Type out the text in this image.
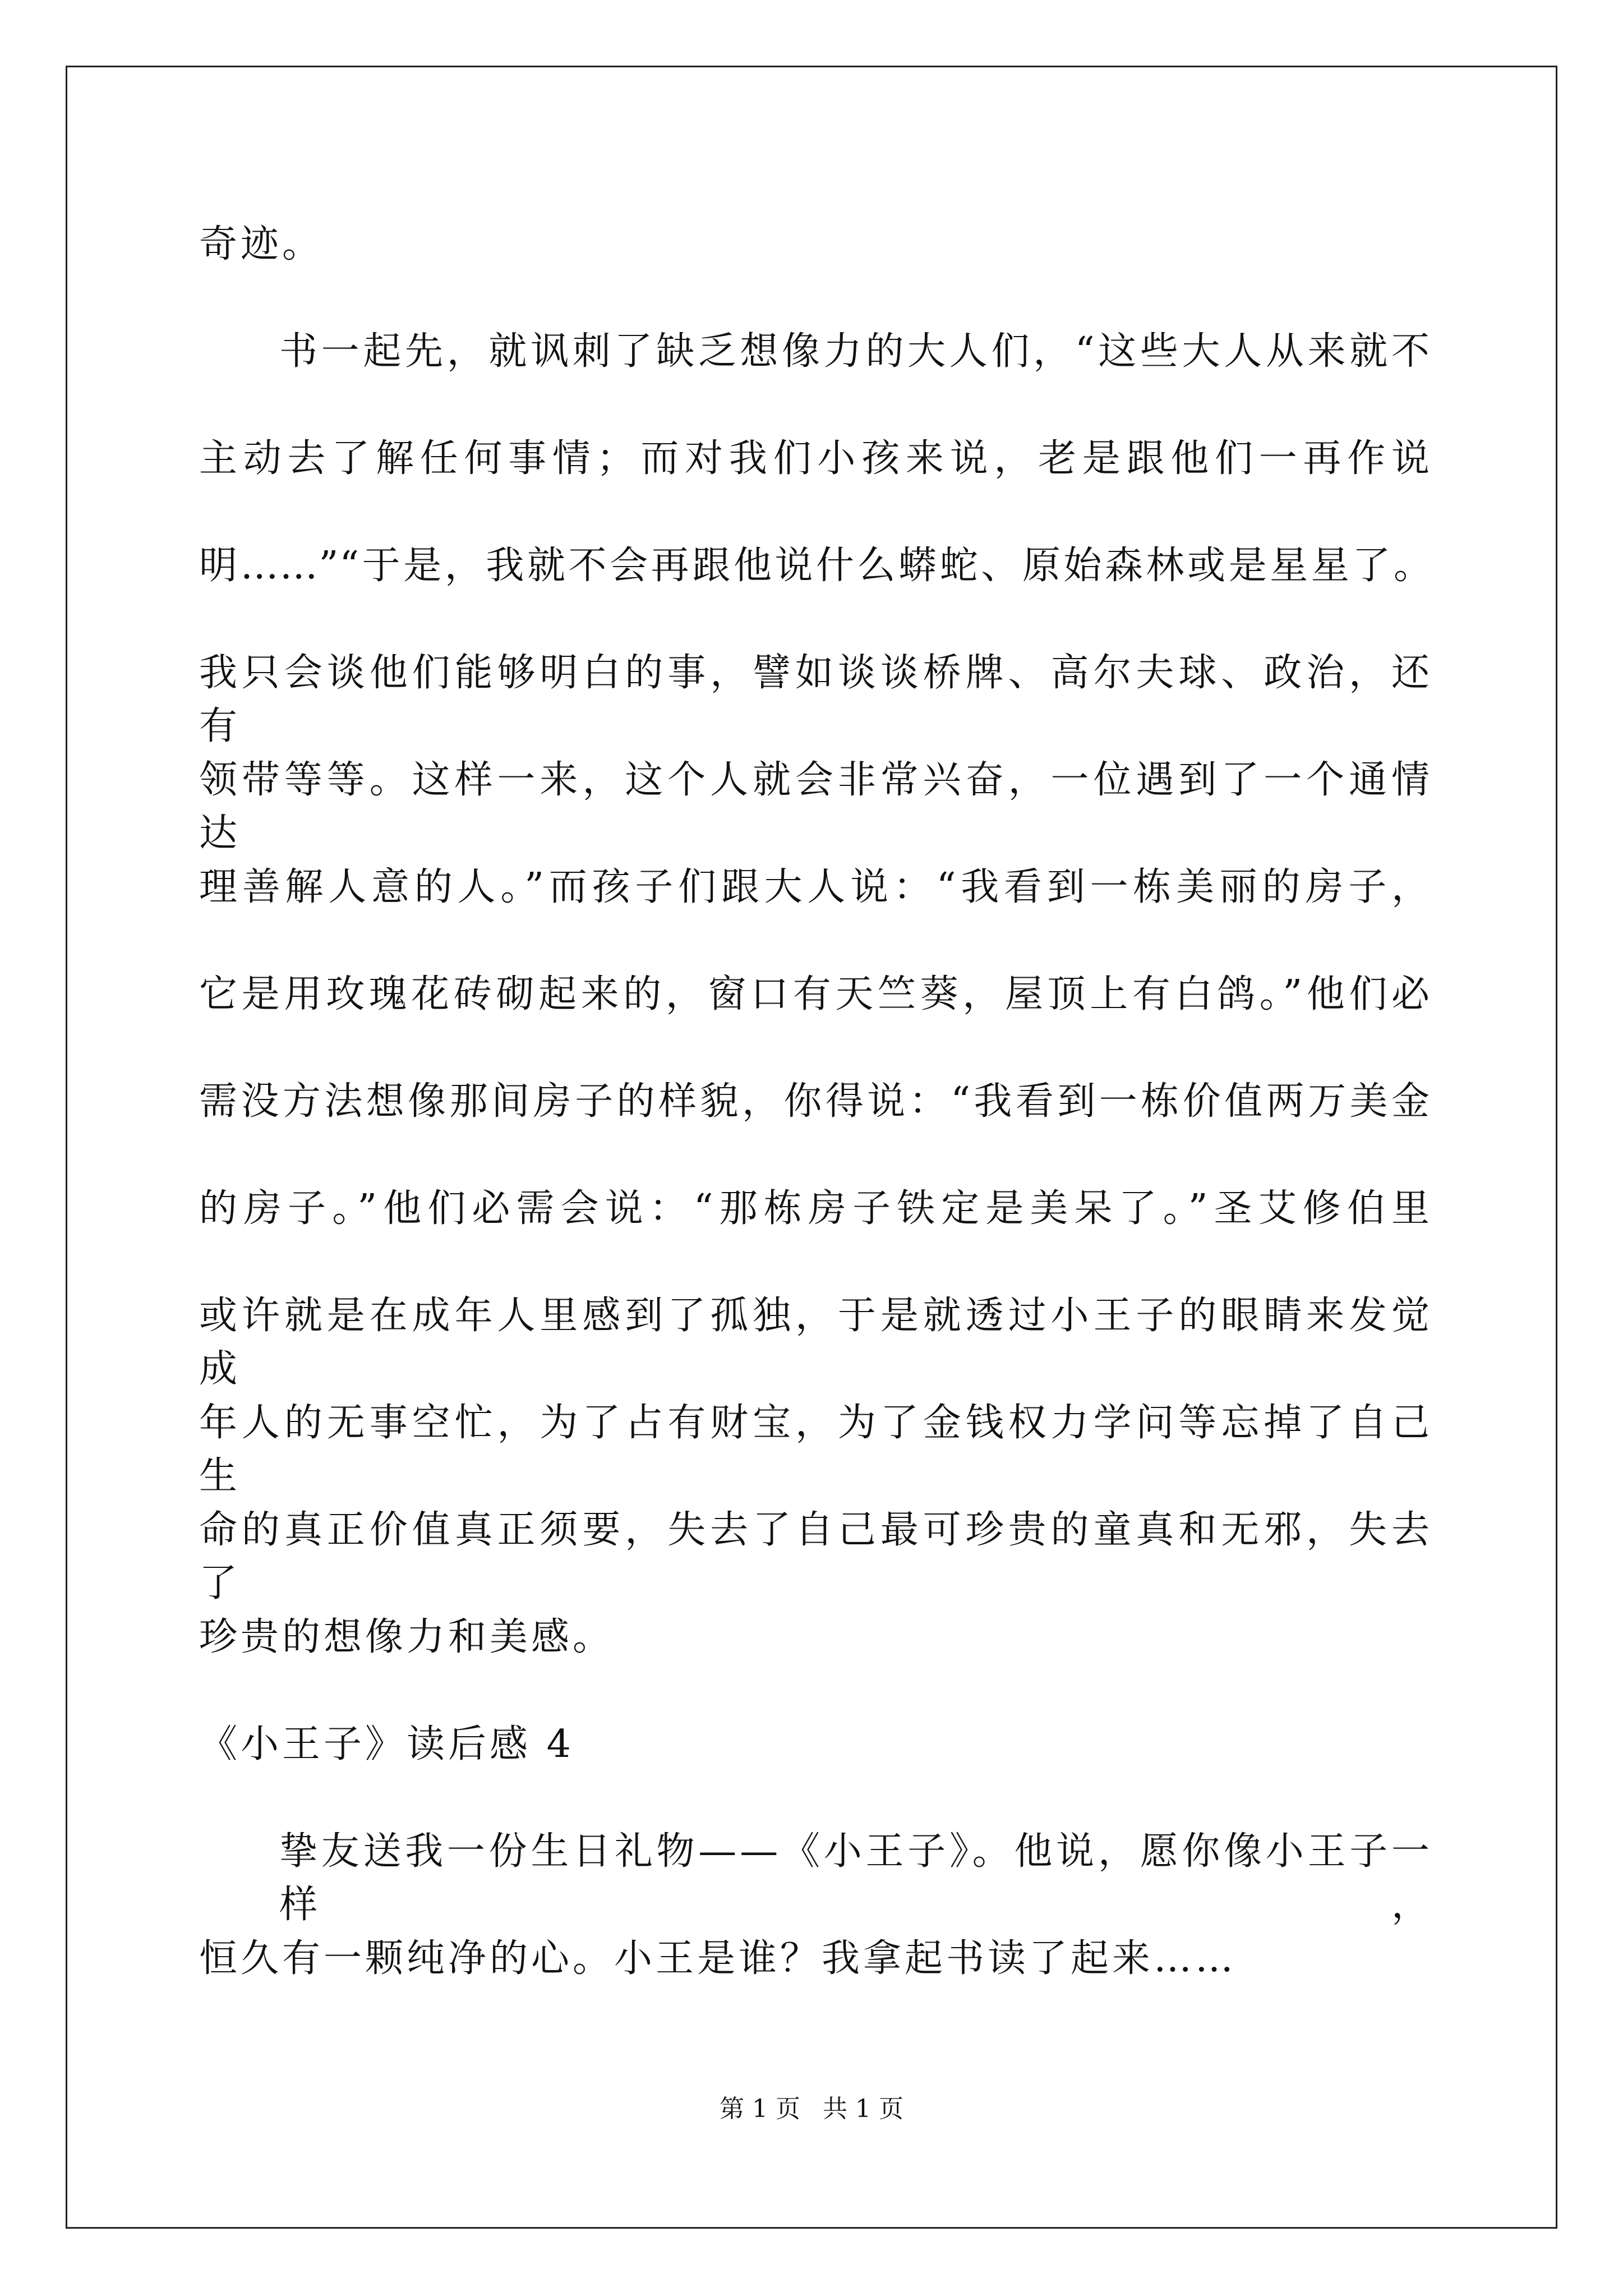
奇迹。
书一起先，就讽刺了缺乏想像力的大人们，“这些大人从来就不
主动去了解任何事情；而对我们小孩来说，老是跟他们一再作说
明……”“于是，我就不会再跟他说什么蟒蛇、原始森林或是星星了。
我只会谈他们能够明白的事，譬如谈谈桥牌、高尔夫球、政治，还有
领带等等。这样一来，这个人就会非常兴奋，一位遇到了一个通情达
理善解人意的人。”而孩子们跟大人说：“我看到一栋美丽的房子，
它是用玫瑰花砖砌起来的，窗口有天竺葵，屋顶上有白鸽。”他们必
需没方法想像那间房子的样貌，你得说：“我看到一栋价值两万美金
的房子。”他们必需会说：“那栋房子铁定是美呆了。”圣艾修伯里
或许就是在成年人里感到了孤独，于是就透过小王子的眼睛来发觉成
年人的无事空忙，为了占有财宝，为了金钱权力学问等忘掉了自己生
命的真正价值真正须要，失去了自己最可珍贵的童真和无邪，失去了
珍贵的想像力和美感。
《小王子》读后感 4
挚友送我一份生日礼物——《小王子》。他说，愿你像小王子一样，
恒久有一颗纯净的心。小王是谁？我拿起书读了起来……
第 1 页 共 1 页
